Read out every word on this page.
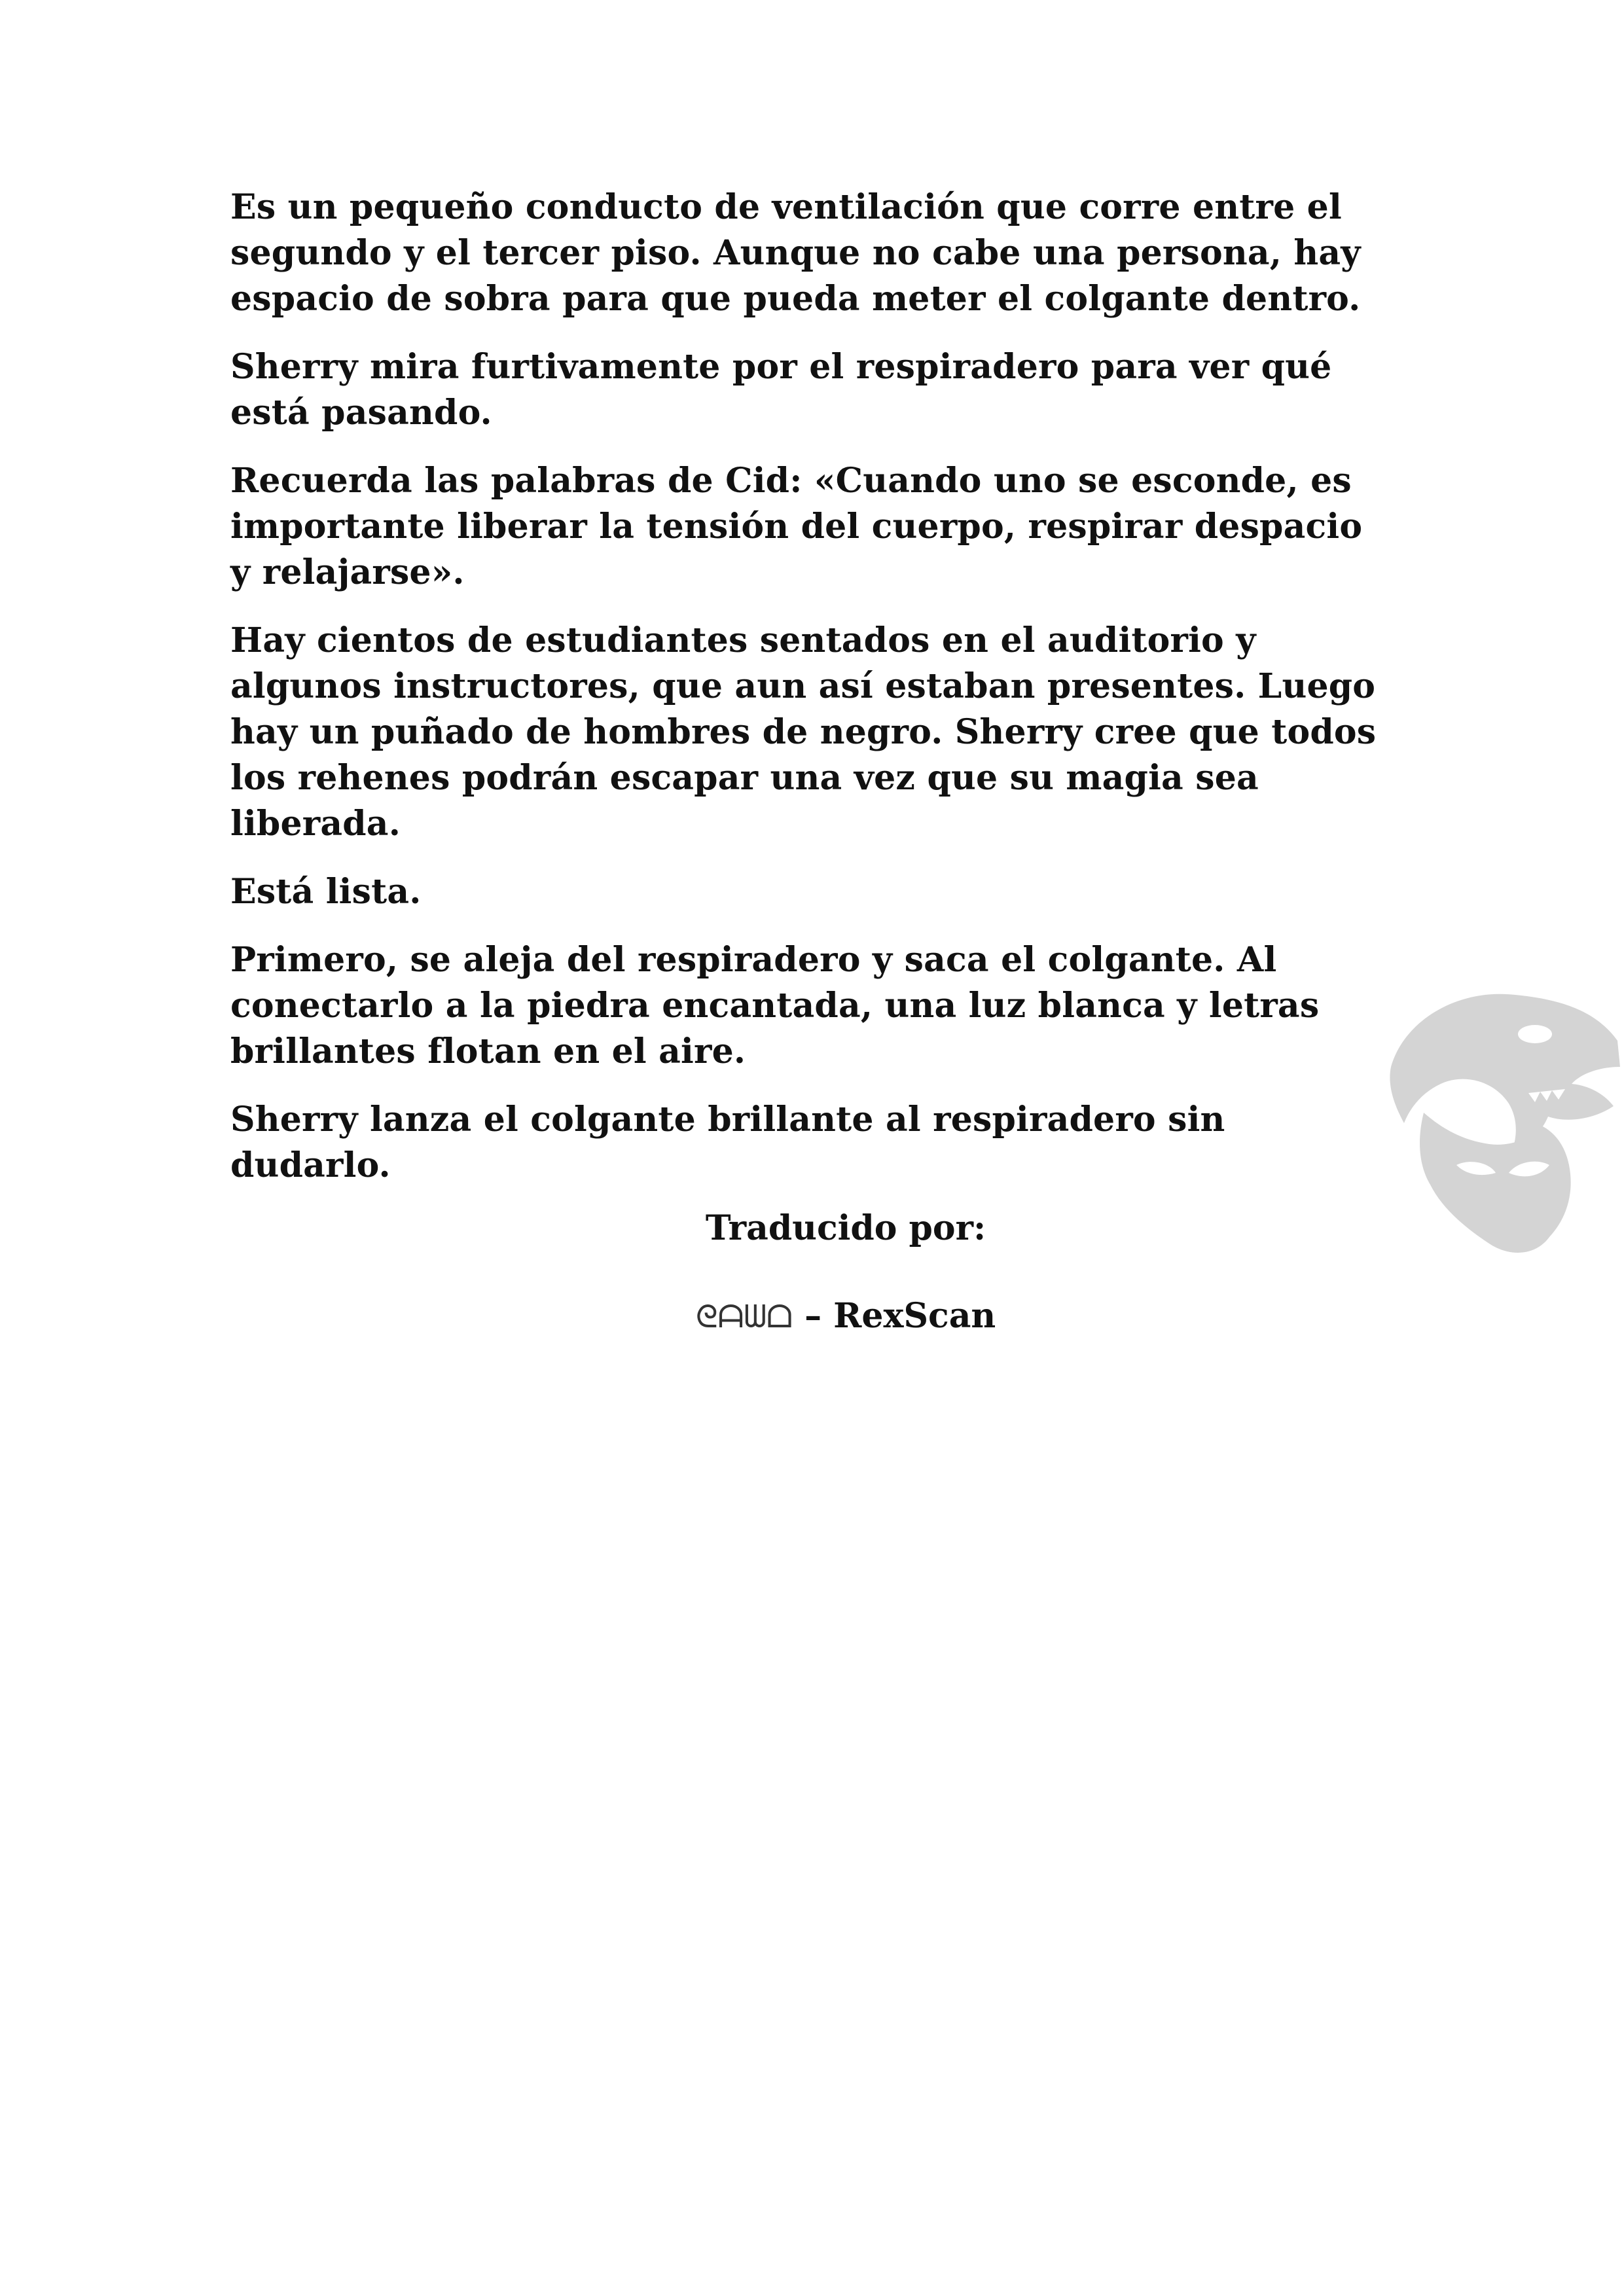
Es un pequeño conducto de ventilación que corre entre el segundo y el tercer piso. Aunque no cabe una persona, hay espacio de sobra para que pueda meter el colgante dentro.

Sherry mira furtivamente por el respiradero para ver qué está pasando.

Recuerda las palabras de Cid: «Cuando uno se esconde, es importante liberar la tensión del cuerpo, respirar despacio y relajarse».

Hay cientos de estudiantes sentados en el auditorio y algunos instructores, que aun así estaban presentes. Luego hay un puñado de hombres de negro. Sherry cree que todos los rehenes podrán escapar una vez que su magia sea liberada.

Está lista.

Primero, se aleja del respiradero y saca el colgante. Al conectarlo a la piedra encantada, una luz blanca y letras brillantes flotan en el aire.

Sherry lanza el colgante brillante al respiradero sin dudarlo.

Traducido por:
ᘓᗩᗯᗝ – RexScan
